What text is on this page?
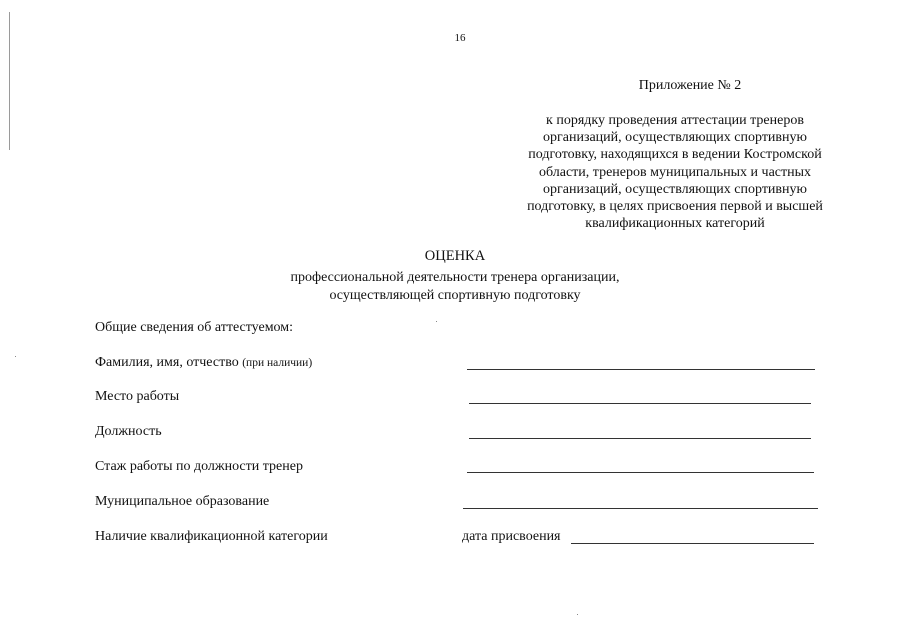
16
Приложение № 2
к порядку проведения аттестации тренеров
организаций, осуществляющих спортивную
подготовку, находящихся в ведении Костромской
области, тренеров муниципальных и частных
организаций, осуществляющих спортивную
подготовку, в целях присвоения первой и высшей
квалификационных категорий
ОЦЕНКА
профессиональной деятельности тренера организации,
осуществляющей спортивную подготовку
Общие сведения об аттестуемом:
Фамилия, имя, отчество (при наличии)
Место работы
Должность
Стаж работы по должности тренер
Муниципальное образование
Наличие квалификационной категории	дата присвоения
